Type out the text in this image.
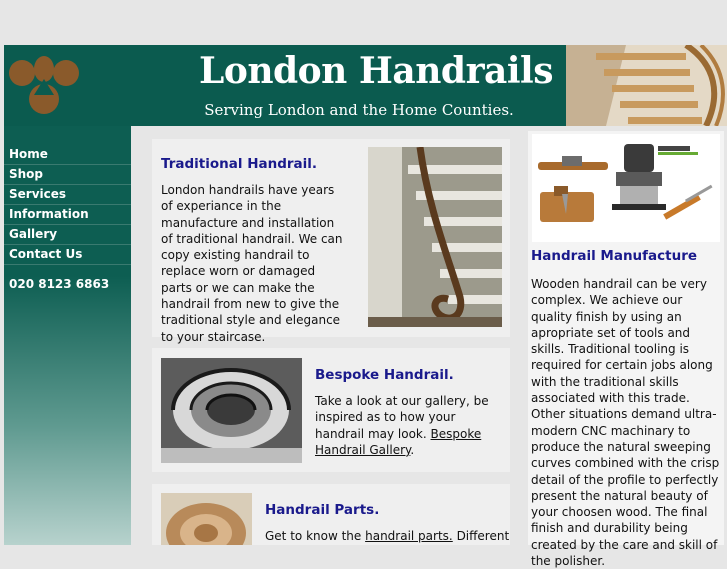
London Handrails
Serving London and the Home Counties.
Home
Shop
Services
Information
Gallery
Contact Us
020 8123 6863
Traditional Handrail.

London handrails have years of experiance in the manufacture and installation of traditional handrail. We can copy existing handrail to replace worn or damaged parts or we can make the handrail from new to give the traditional style and elegance to your staircase.

Bespoke Handrail.

Take a look at our gallery, be inspired as to how your handrail may look. Bespoke Handrail Gallery.

Handrail Parts.

Get to know the handrail parts. Different

Handrail Manufacture

Wooden handrail can be very complex. We achieve our quality finish by using an apropriate set of tools and skills. Traditional tooling is required for certain jobs along with the traditional skills associated with this trade. Other situations demand ultra-modern CNC machinary to produce the natural sweeping curves combined with the crisp detail of the profile to perfectly present the natural beauty of your choosen wood. The final finish and durability being created by the care and skill of the polisher.
